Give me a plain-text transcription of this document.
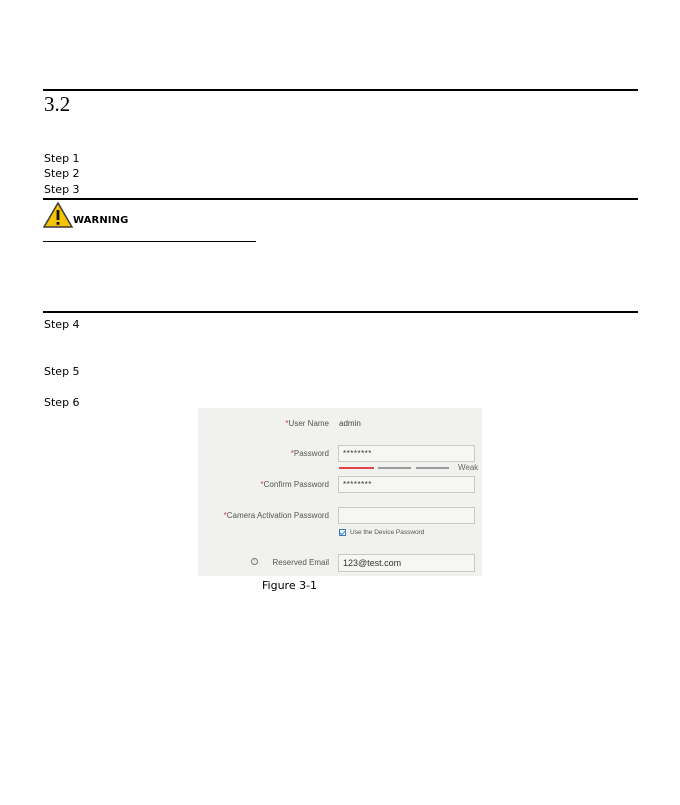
3.2
Step 1
Step 2
Step 3
WARNING
Step 4
Step 5
Step 6
*User Name admin
*Password	********
Weak
*Confirm Password	********
*Camera Activation Password
Use the Device Password
!	Reserved Email	123@test.com
Figure 3-1
